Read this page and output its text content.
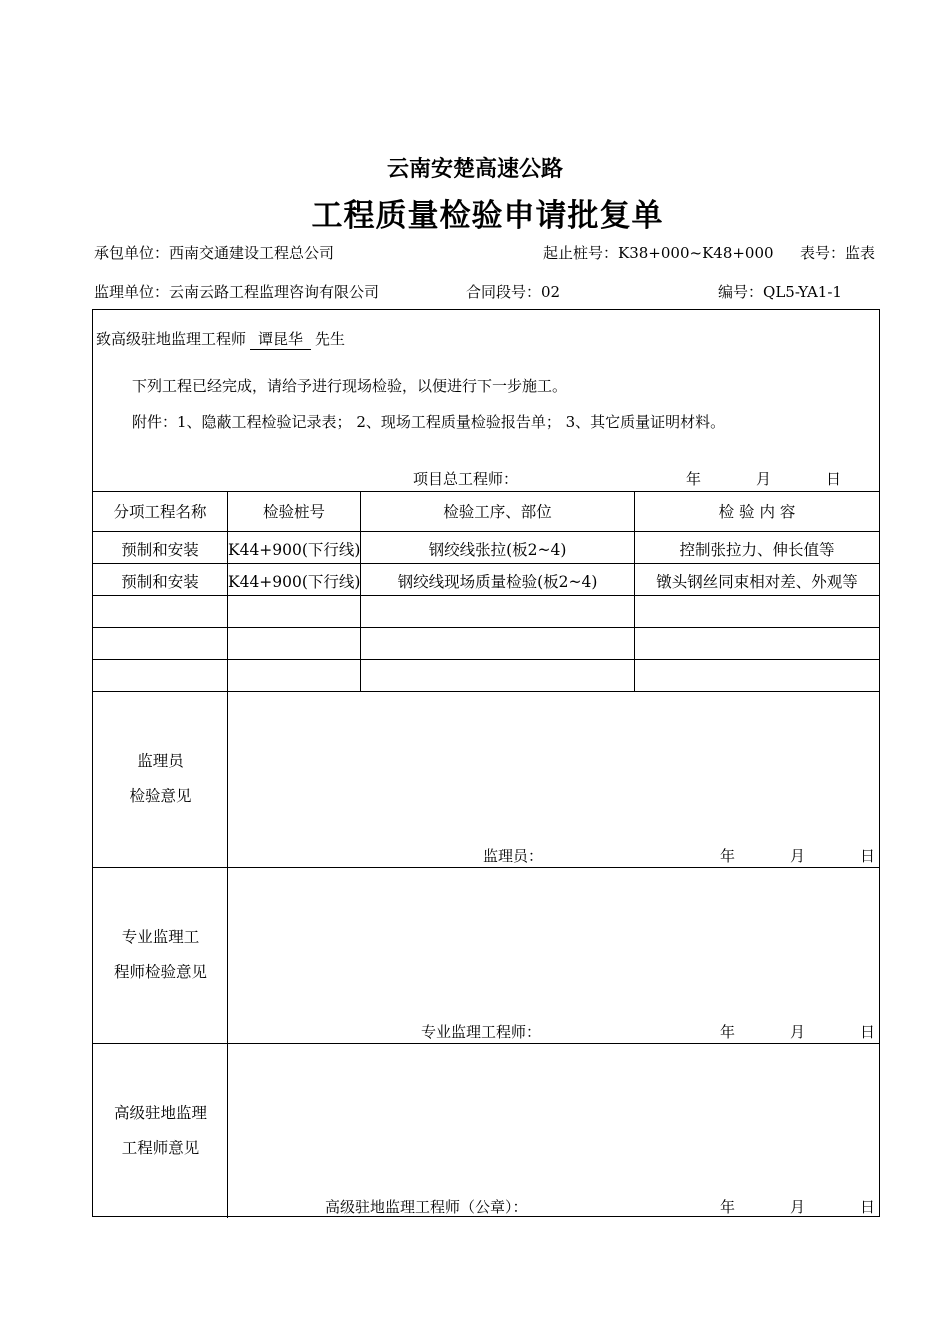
云南安楚高速公路
工程质量检验申请批复单
承包单位：西南交通建设工程总公司	起止桩号：K38+000~K48+000 表号：监表
监理单位：云南云路工程监理咨询有限公司	合同段号：02	编号：QL5-YA1-1
致高级驻地监理工程师 谭昆华 先生
下列工程已经完成，请给予进行现场检验，以便进行下一步施工。
附件：1、隐蔽工程检验记录表； 2、现场工程质量检验报告单； 3、其它质量证明材料。
项目总工程师：	年	月	日
分项工程名称	检验桩号	检验工序、部位	检 验 内 容
预制和安装	K44+900(下行线)	钢绞线张拉(板2~4)	控制张拉力、伸长值等
预制和安装	K44+900(下行线)	钢绞线现场质量检验(板2~4)	镦头钢丝同束相对差、外观等
监理员
检验意见
监理员：	年	月	日
专业监理工
程师检验意见
专业监理工程师：	年	月	日
高级驻地监理
工程师意见
高级驻地监理工程师（公章）：	年	月	日
